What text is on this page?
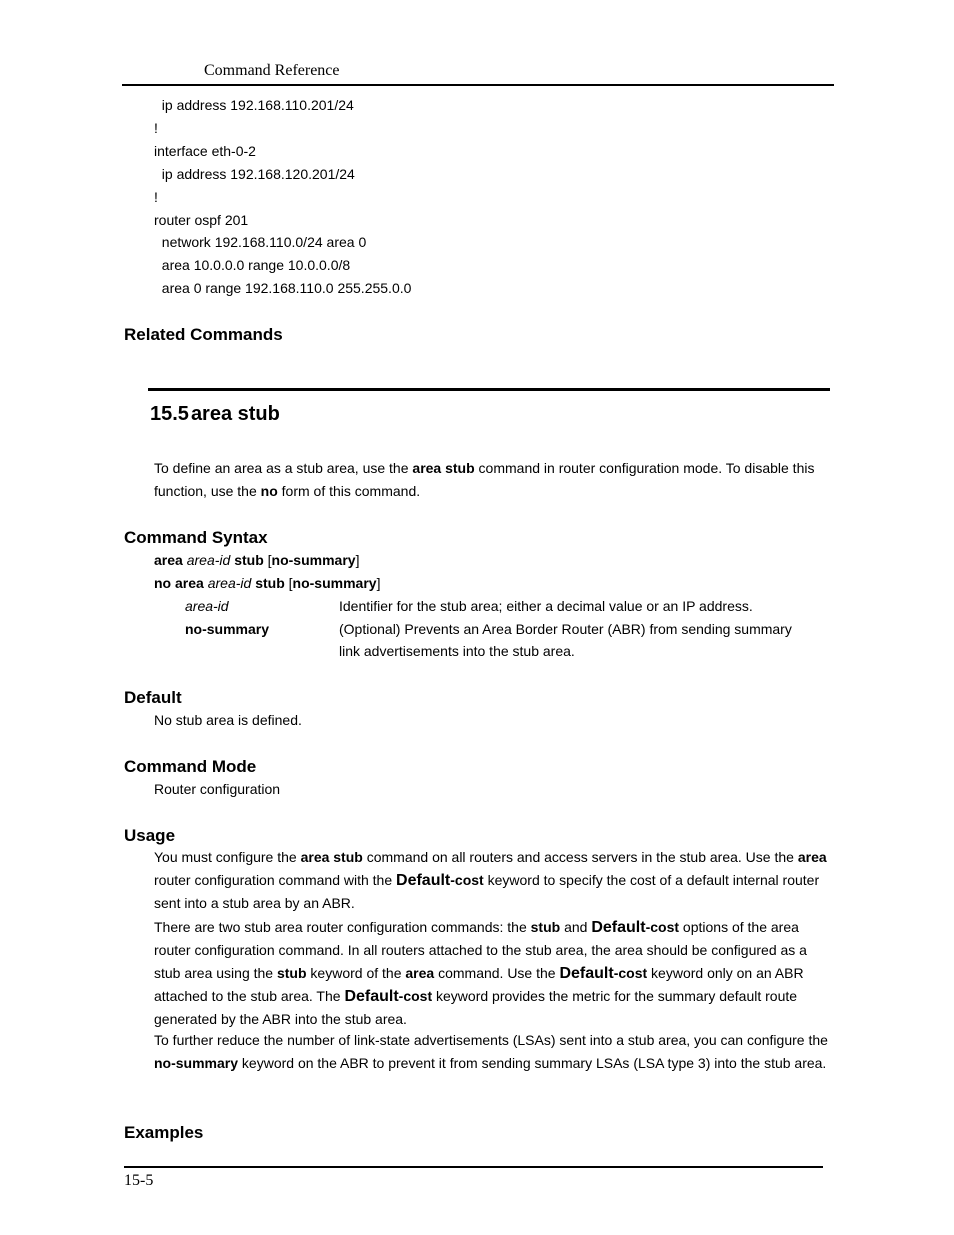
Command Reference
ip address 192.168.110.201/24
!
interface eth-0-2
ip address 192.168.120.201/24
!
router ospf 201
network 192.168.110.0/24 area 0
area 10.0.0.0 range 10.0.0.0/8
area 0 range 192.168.110.0 255.255.0.0
Related Commands
15.5 area stub
To define an area as a stub area, use the area stub command in router configuration mode. To disable this function, use the no form of this command.
Command Syntax
area area-id stub [no-summary]
no area area-id stub [no-summary]
area-id	Identifier for the stub area; either a decimal value or an IP address.
no-summary	(Optional) Prevents an Area Border Router (ABR) from sending summary
link advertisements into the stub area.
Default
No stub area is defined.
Command Mode
Router configuration
Usage
You must configure the area stub command on all routers and access servers in the stub area. Use the area router configuration command with the Default-cost keyword to specify the cost of a default internal router sent into a stub area by an ABR.
There are two stub area router configuration commands: the stub and Default-cost options of the area router configuration command. In all routers attached to the stub area, the area should be configured as a stub area using the stub keyword of the area command. Use the Default-cost keyword only on an ABR attached to the stub area. The Default-cost keyword provides the metric for the summary default route generated by the ABR into the stub area.
To further reduce the number of link-state advertisements (LSAs) sent into a stub area, you can configure the no-summary keyword on the ABR to prevent it from sending summary LSAs (LSA type 3) into the stub area.
Examples
15-5
